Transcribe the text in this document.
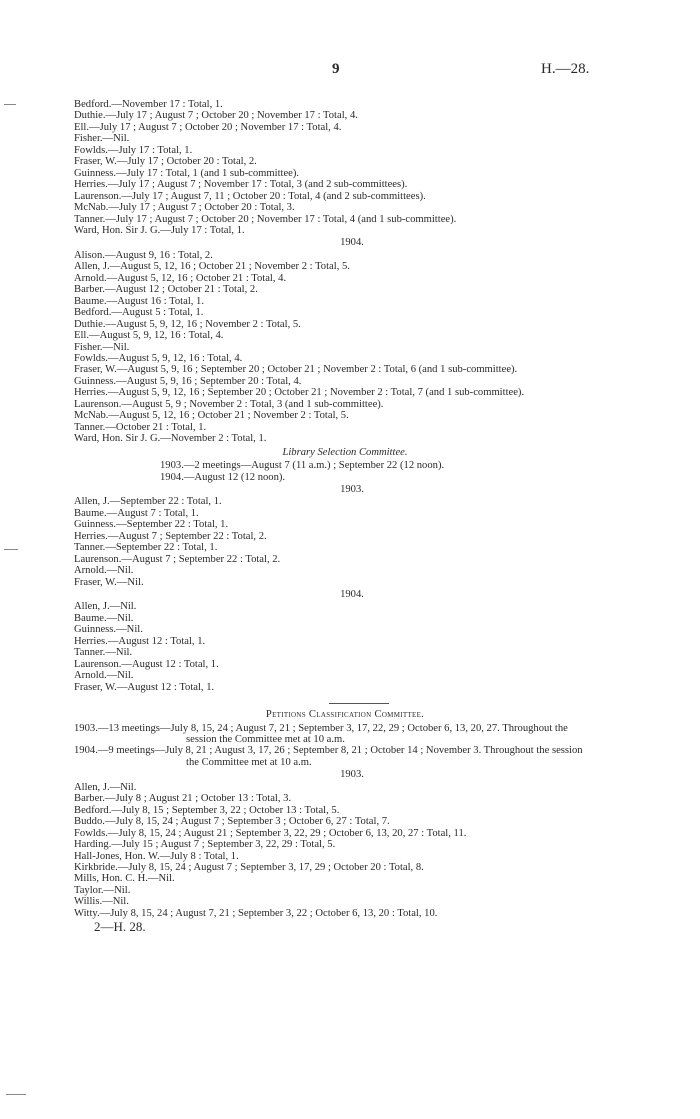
9	H.—28.
Bedford.—November 17 : Total, 1.
Duthie.—July 17 ; August 7 ; October 20 ; November 17 : Total, 4.
Ell.—July 17 ; August 7 ; October 20 ; November 17 : Total, 4.
Fisher.—Nil.
Fowlds.—July 17 : Total, 1.
Fraser, W.—July 17 ; October 20 : Total, 2.
Guinness.—July 17 : Total, 1 (and 1 sub-committee).
Herries.—July 17 ; August 7 ; November 17 : Total, 3 (and 2 sub-committees).
Laurenson.—July 17 ; August 7, 11 ; October 20 : Total, 4 (and 2 sub-committees).
McNab.—July 17 ; August 7 ; October 20 : Total, 3.
Tanner.—July 17 ; August 7 ; October 20 ; November 17 : Total, 4 (and 1 sub-committee).
Ward, Hon. Sir J. G.—July 17 : Total, 1.
1904.
Alison.—August 9, 16 : Total, 2.
Allen, J.—August 5, 12, 16 ; October 21 ; November 2 : Total, 5.
Arnold.—August 5, 12, 16 ; October 21 : Total, 4.
Barber.—August 12 ; October 21 : Total, 2.
Baume.—August 16 : Total, 1.
Bedford.—August 5 : Total, 1.
Duthie.—August 5, 9, 12, 16 ; November 2 : Total, 5.
Ell.—August 5, 9, 12, 16 : Total, 4.
Fisher.—Nil.
Fowlds.—August 5, 9, 12, 16 : Total, 4.
Fraser, W.—August 5, 9, 16 ; September 20 ; October 21 ; November 2 : Total, 6 (and 1 sub-committee).
Guinness.—August 5, 9, 16 ; September 20 : Total, 4.
Herries.—August 5, 9, 12, 16 ; September 20 ; October 21 ; November 2 : Total, 7 (and 1 sub-committee).
Laurenson.—August 5, 9 ; November 2 : Total, 3 (and 1 sub-committee).
McNab.—August 5, 12, 16 ; October 21 ; November 2 : Total, 5.
Tanner.—October 21 : Total, 1.
Ward, Hon. Sir J. G.—November 2 : Total, 1.
Library Selection Committee.
1903.—2 meetings—August 7 (11 a.m.) ; September 22 (12 noon).
1904.—August 12 (12 noon).
1903.
Allen, J.—September 22 : Total, 1.
Baume.—August 7 : Total, 1.
Guinness.—September 22 : Total, 1.
Herries.—August 7 ; September 22 : Total, 2.
Tanner.—September 22 : Total, 1.
Laurenson.—August 7 ; September 22 : Total, 2.
Arnold.—Nil.
Fraser, W.—Nil.
1904.
Allen, J.—Nil.
Baume.—Nil.
Guinness.—Nil.
Herries.—August 12 : Total, 1.
Tanner.—Nil.
Laurenson.—August 12 : Total, 1.
Arnold.—Nil.
Fraser, W.—August 12 : Total, 1.
Petitions Classification Committee.
1903.—13 meetings—July 8, 15, 24 ; August 7, 21 ; September 3, 17, 22, 29 ; October 6, 13, 20, 27. Throughout the session the Committee met at 10 a.m.
1904.—9 meetings—July 8, 21 ; August 3, 17, 26 ; September 8, 21 ; October 14 ; November 3. Throughout the session the Committee met at 10 a.m.
1903.
Allen, J.—Nil.
Barber.—July 8 ; August 21 ; October 13 : Total, 3.
Bedford.—July 8, 15 ; September 3, 22 ; October 13 : Total, 5.
Buddo.—July 8, 15, 24 ; August 7 ; September 3 ; October 6, 27 : Total, 7.
Fowlds.—July 8, 15, 24 ; August 21 ; September 3, 22, 29 ; October 6, 13, 20, 27 : Total, 11.
Harding.—July 15 ; August 7 ; September 3, 22, 29 : Total, 5.
Hall-Jones, Hon. W.—July 8 : Total, 1.
Kirkbride.—July 8, 15, 24 ; August 7 ; September 3, 17, 29 ; October 20 : Total, 8.
Mills, Hon. C. H.—Nil.
Taylor.—Nil.
Willis.—Nil.
Witty.—July 8, 15, 24 ; August 7, 21 ; September 3, 22 ; October 6, 13, 20 : Total, 10.
2—H. 28.
